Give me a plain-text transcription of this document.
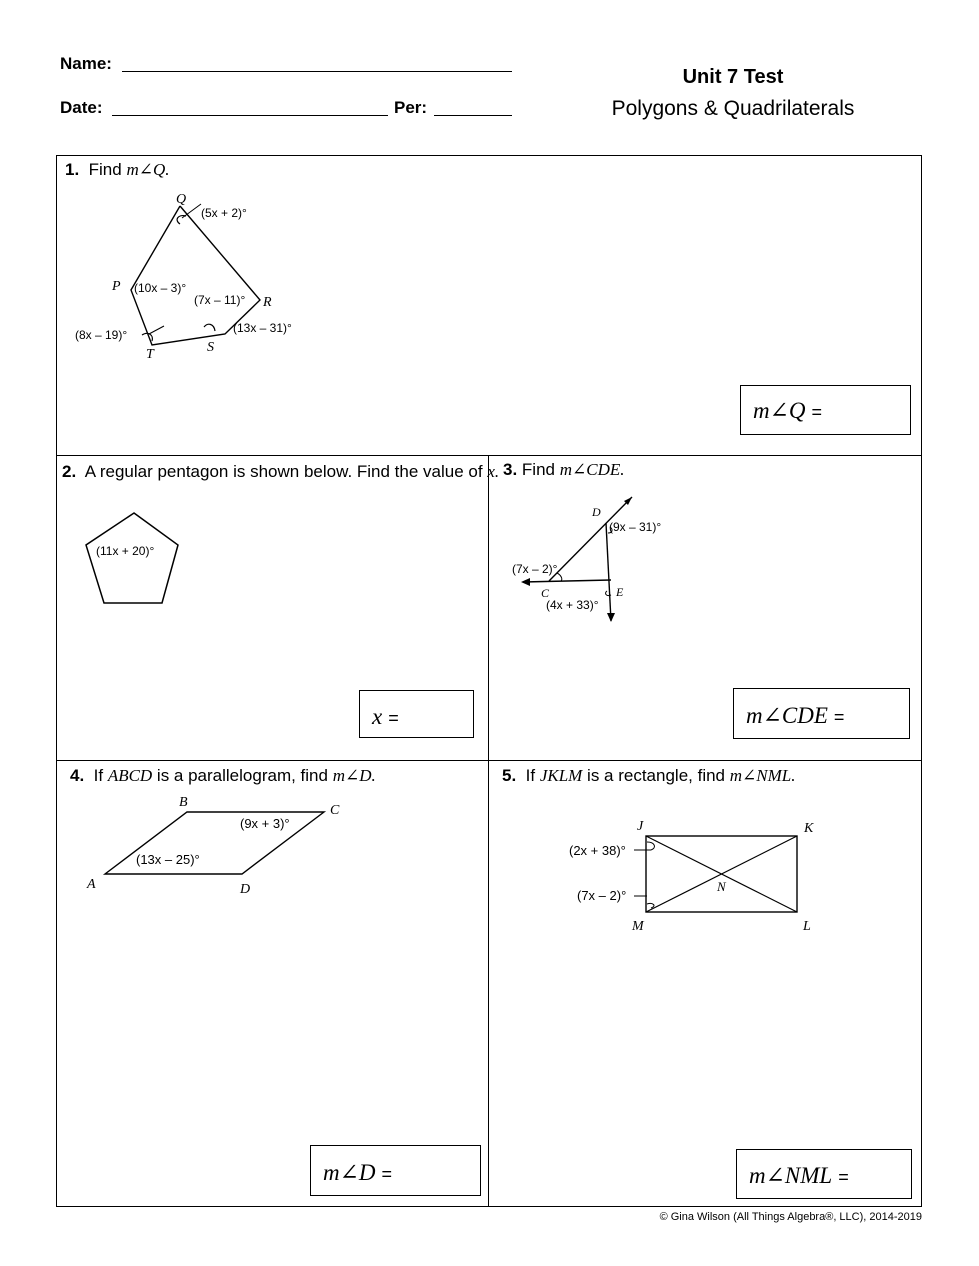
Name:
Date:	Per:
Unit 7 Test
Polygons & Quadrilaterals
1. Find m∠Q.
Q
P
R
S
T
(5x + 2)°
(10x – 3)°
(7x – 11)°
(13x – 31)°
(8x – 19)°
m∠Q =
2. A regular pentagon is shown below. Find the value of x.
(11x + 20)°
x =
3. Find m∠CDE.
D
C	E
(9x – 31)°
(7x – 2)°
(4x + 33)°
m∠CDE =
4. If ABCD is a parallelogram, find m∠D.
B
C
A	D
(9x + 3)°
(13x – 25)°
m∠D =
5. If JKLM is a rectangle, find m∠NML.
J	K
L
M
N
(2x + 38)°
(7x – 2)°
m∠NML =
© Gina Wilson (All Things Algebra®, LLC), 2014-2019
